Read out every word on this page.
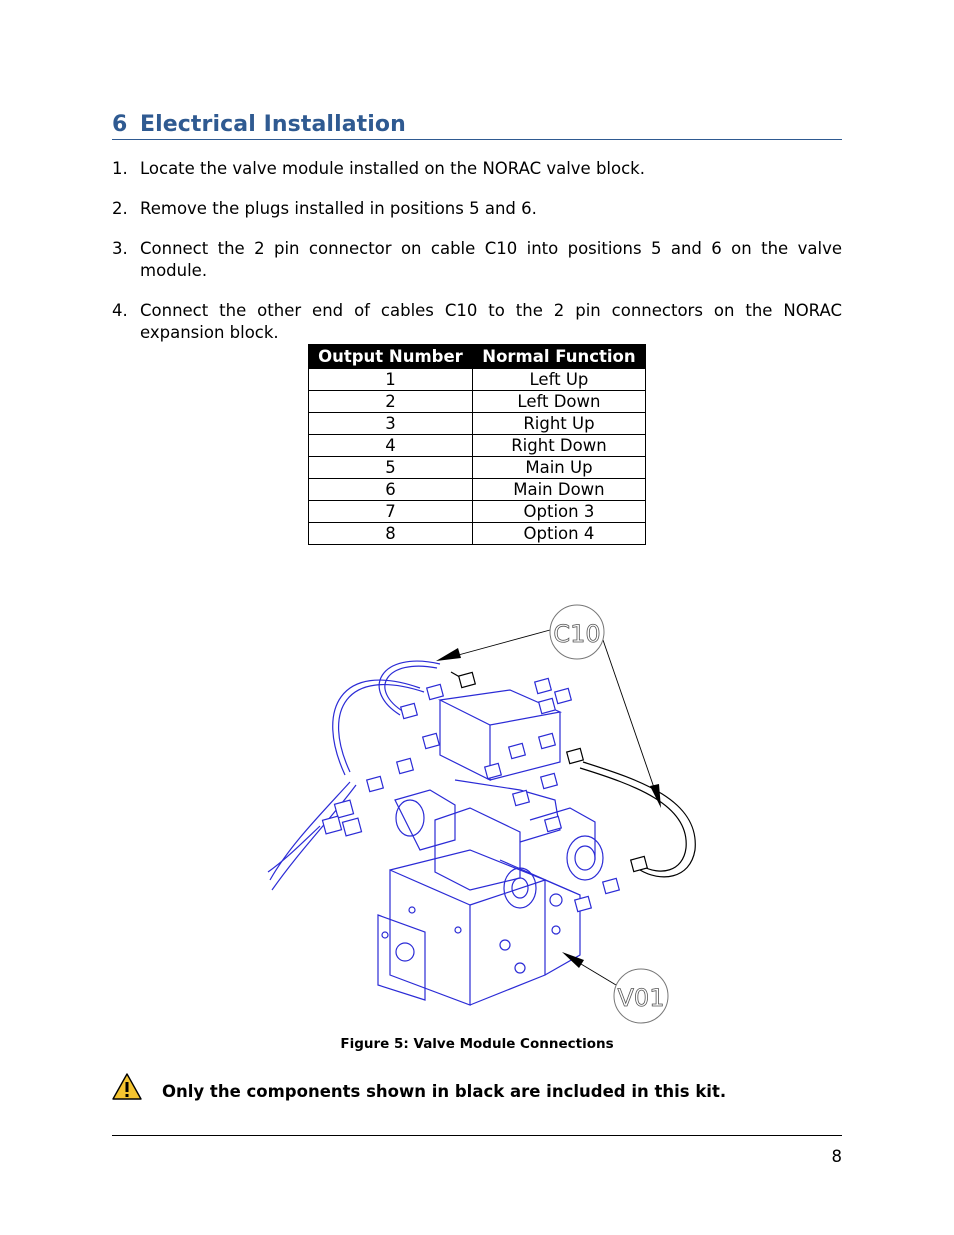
6 Electrical Installation
1. Locate the valve module installed on the NORAC valve block.
2. Remove the plugs installed in positions 5 and 6.
3. Connect the 2 pin connector on cable C10 into positions 5 and 6 on the valve module.
4. Connect the other end of cables C10 to the 2 pin connectors on the NORAC expansion block.
Output Number	Normal Function
1	Left Up
2	Left Down
3	Right Up
4	Right Down
5	Main Up
6	Main Down
7	Option 3
8	Option 4
C10
V01
Figure 5: Valve Module Connections
Only the components shown in black are included in this kit.
8
